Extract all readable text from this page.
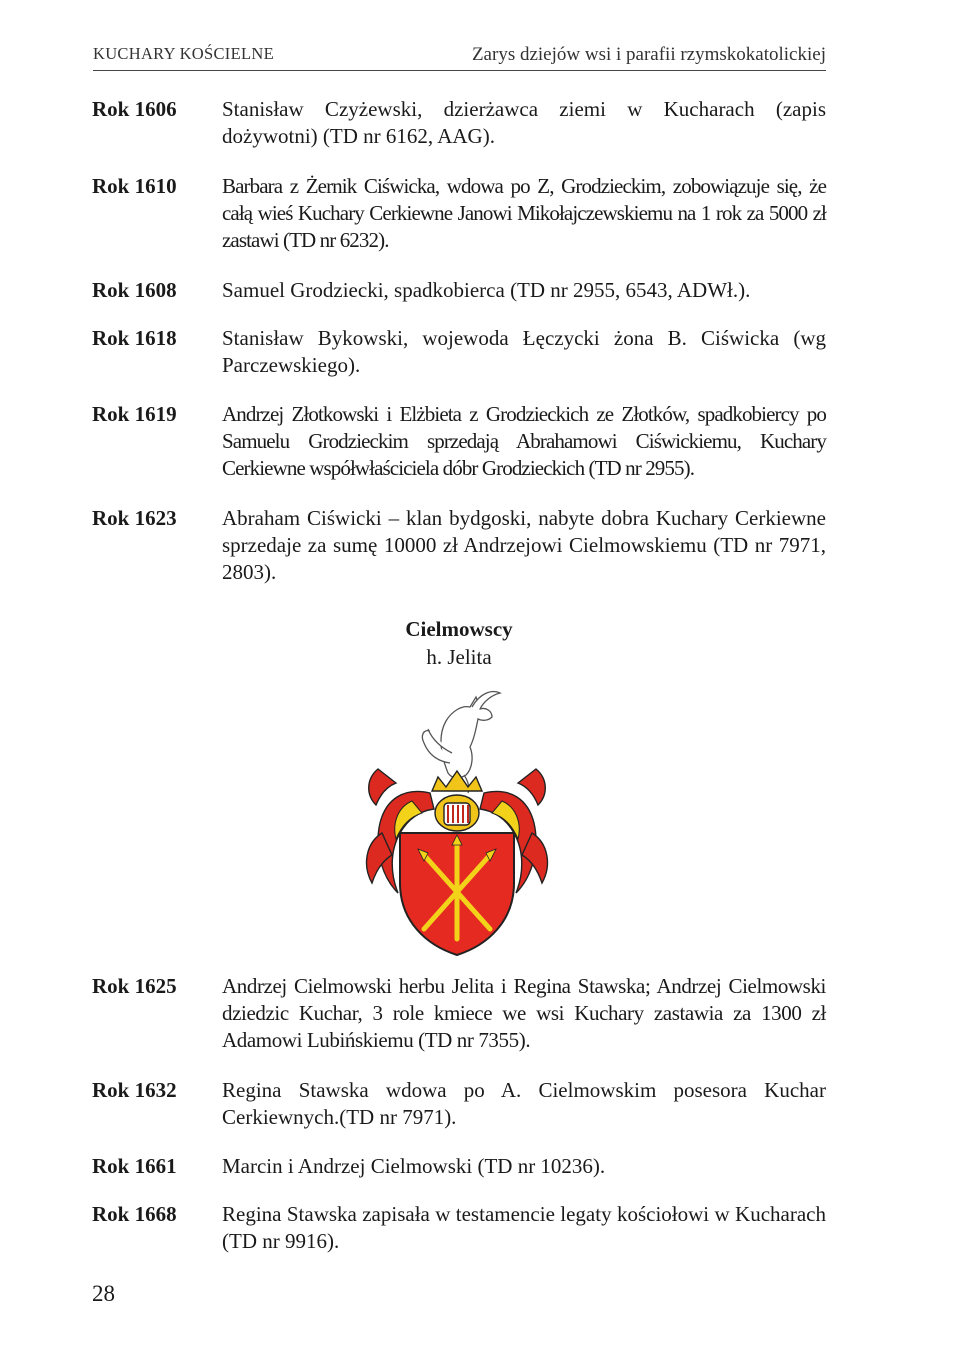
KUCHARY KOŚCIELNE	Zarys dziejów wsi i parafii rzymskokatolickiej
Rok 1606 Stanisław Czyżewski, dzierżawca ziemi w Kucharach (zapis dożywotni) (TD nr 6162, AAG).
Rok 1610 Barbara z Żernik Ciświcka, wdowa po Z, Grodzieckim, zobowiązuje się, że całą wieś Kuchary Cerkiewne Janowi Mikołajczewskiemu na 1 rok za 5000 zł zastawi (TD nr 6232).
Rok 1608 Samuel Grodziecki, spadkobierca (TD nr 2955, 6543, ADWł.).
Rok 1618 Stanisław Bykowski, wojewoda Łęczycki żona B. Ciświcka (wg Parczewskiego).
Rok 1619 Andrzej Złotkowski i Elżbieta z Grodzieckich ze Złotków, spadkobiercy po Samuelu Grodzieckim sprzedają Abrahamowi Ciświckiemu, Kuchary Cerkiewne współwłaściciela dóbr Grodzieckich (TD nr 2955).
Rok 1623 Abraham Ciświcki – klan bydgoski, nabyte dobra Kuchary Cerkiewne sprzedaje za sumę 10000 zł Andrzejowi Cielmowskiemu (TD nr 7971, 2803).
Cielmowscy
h. Jelita
Rok 1625 Andrzej Cielmowski herbu Jelita i Regina Stawska; Andrzej Cielmowski dziedzic Kuchar, 3 role kmiece we wsi Kuchary zastawia za 1300 zł Adamowi Lubińskiemu (TD nr 7355).
Rok 1632 Regina Stawska wdowa po A. Cielmowskim posesora Kuchar Cerkiewnych.(TD nr 7971).
Rok 1661 Marcin i Andrzej Cielmowski (TD nr 10236).
Rok 1668 Regina Stawska zapisała w testamencie legaty kościołowi w Kucharach (TD nr 9916).
28
